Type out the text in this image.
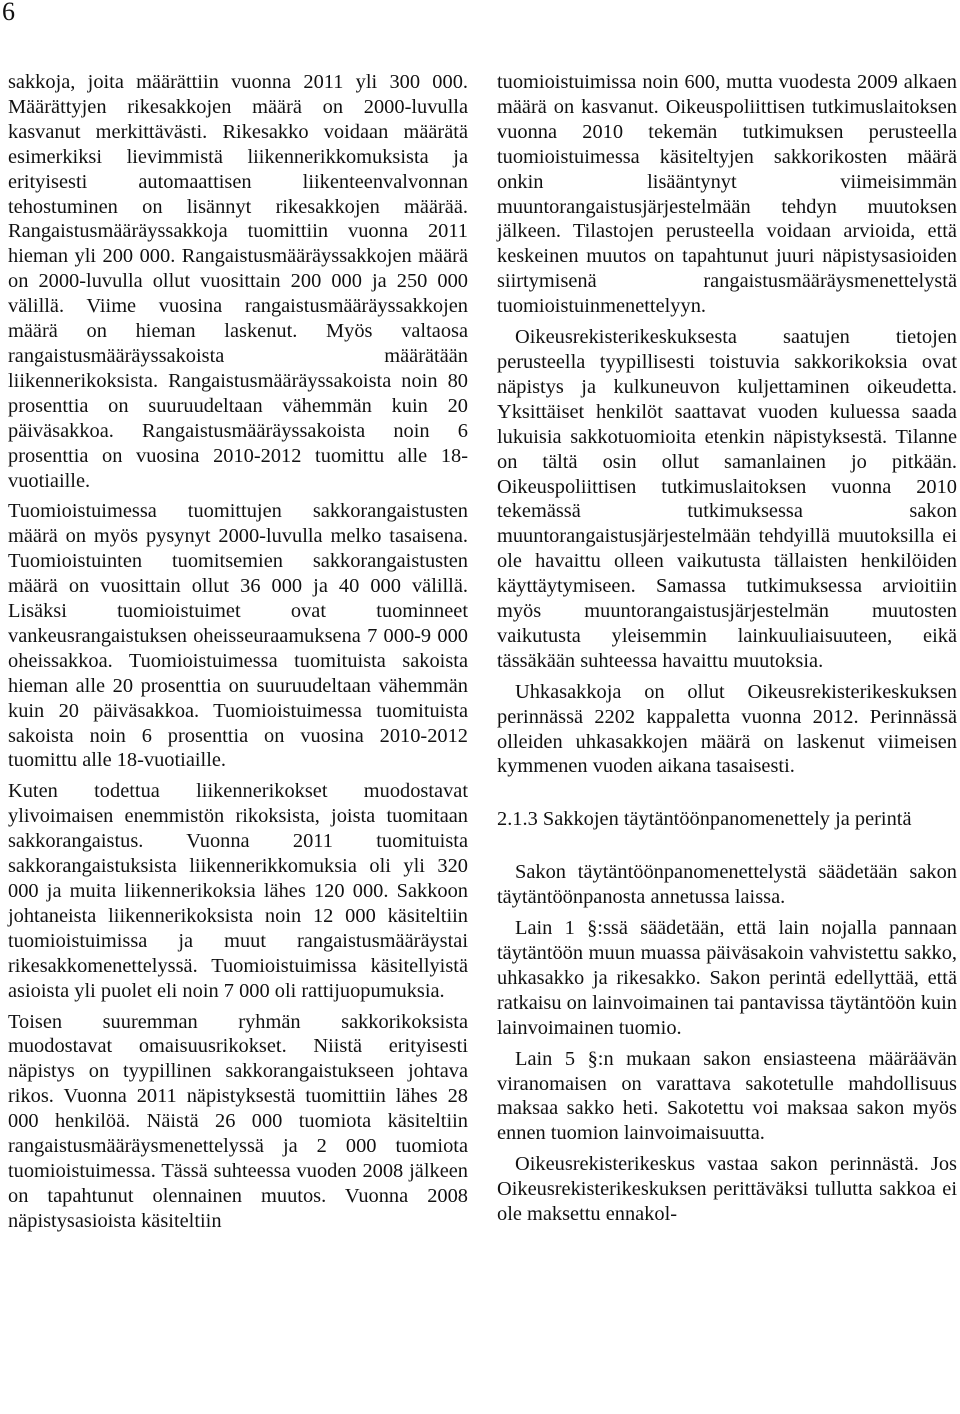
6

sakkoja, joita määrättiin vuonna 2011 yli 300 000. Määrättyjen rikesakkojen määrä on 2000-luvulla kasvanut merkittävästi. Rikesakko voidaan määrätä esimerkiksi lievimmistä liikennerikkomuksista ja erityisesti automaattisen liikenteenvalvonnan tehostuminen on lisännyt rikesakkojen määrää. Rangaistusmääräyssakkoja tuomittiin vuonna 2011 hieman yli 200 000. Rangaistusmääräyssakkojen määrä on 2000-luvulla ollut vuosittain 200 000 ja 250 000 välillä. Viime vuosina rangaistusmääräyssakkojen määrä on hieman laskenut. Myös valtaosa rangaistusmääräyssakoista määrätään liikennerikoksista. Rangaistusmääräyssakoista noin 80 prosenttia on suuruudeltaan vähemmän kuin 20 päiväsakkoa. Rangaistusmääräyssakoista noin 6 prosenttia on vuosina 2010-2012 tuomittu alle 18-vuotiaille.

Tuomioistuimessa tuomittujen sakkorangaistusten määrä on myös pysynyt 2000-luvulla melko tasaisena. Tuomioistuinten tuomitsemien sakkorangaistusten määrä on vuosittain ollut 36 000 ja 40 000 välillä. Lisäksi tuomioistuimet ovat tuominneet vankeusrangaistuksen oheisseuraamuksena 7 000-9 000 oheissakkoa. Tuomioistuimessa tuomituista sakoista hieman alle 20 prosenttia on suuruudeltaan vähemmän kuin 20 päiväsakkoa. Tuomioistuimessa tuomituista sakoista noin 6 prosenttia on vuosina 2010-2012 tuomittu alle 18-vuotiaille.

Kuten todettua liikennerikokset muodostavat ylivoimaisen enemmistön rikoksista, joista tuomitaan sakkorangaistus. Vuonna 2011 tuomituista sakkorangaistuksista liikennerikkomuksia oli yli 320 000 ja muita liikennerikoksia lähes 120 000. Sakkoon johtaneista liikennerikoksista noin 12 000 käsiteltiin tuomioistuimissa ja muut rangaistusmääräystai rikesakkomenettelyssä. Tuomioistuimissa käsitellyistä asioista yli puolet eli noin 7 000 oli rattijuopumuksia.

Toisen suuremman ryhmän sakkorikoksista muodostavat omaisuusrikokset. Niistä erityisesti näpistys on tyypillinen sakkorangaistukseen johtava rikos. Vuonna 2011 näpistyksestä tuomittiin lähes 28 000 henkilöä. Näistä 26 000 tuomiota käsiteltiin rangaistusmääräysmenettelyssä ja 2 000 tuomiota tuomioistuimessa. Tässä suhteessa vuoden 2008 jälkeen on tapahtunut olennainen muutos. Vuonna 2008 näpistysasioista käsiteltiin

tuomioistuimissa noin 600, mutta vuodesta 2009 alkaen määrä on kasvanut. Oikeuspoliittisen tutkimuslaitoksen vuonna 2010 tekemän tutkimuksen perusteella tuomioistuimessa käsiteltyjen sakkorikosten määrä onkin lisääntynyt viimeisimmän muuntorangaistusjärjestelmään tehdyn muutoksen jälkeen. Tilastojen perusteella voidaan arvioida, että keskeinen muutos on tapahtunut juuri näpistysasioiden siirtymisenä rangaistusmääräysmenettelystä tuomioistuinmenettelyyn.

Oikeusrekisterikeskuksesta saatujen tietojen perusteella tyypillisesti toistuvia sakkorikoksia ovat näpistys ja kulkuneuvon kuljettaminen oikeudetta. Yksittäiset henkilöt saattavat vuoden kuluessa saada lukuisia sakkotuomioita etenkin näpistyksestä. Tilanne on tältä osin ollut samanlainen jo pitkään. Oikeuspoliittisen tutkimuslaitoksen vuonna 2010 tekemässä tutkimuksessa sakon muuntorangaistusjärjestelmään tehdyillä muutoksilla ei ole havaittu olleen vaikutusta tällaisten henkilöiden käyttäytymiseen. Samassa tutkimuksessa arvioitiin myös muuntorangaistusjärjestelmän muutosten vaikutusta yleisemmin lainkuuliaisuuteen, eikä tässäkään suhteessa havaittu muutoksia.

Uhkasakkoja on ollut Oikeusrekisterikeskuksen perinnässä 2202 kappaletta vuonna 2012. Perinnässä olleiden uhkasakkojen määrä on laskenut viimeisen kymmenen vuoden aikana tasaisesti.

2.1.3 Sakkojen täytäntöönpanomenettely ja perintä

Sakon täytäntöönpanomenettelystä säädetään sakon täytäntöönpanosta annetussa laissa.

Lain 1 §:ssä säädetään, että lain nojalla pannaan täytäntöön muun muassa päiväsakoin vahvistettu sakko, uhkasakko ja rikesakko. Sakon perintä edellyttää, että ratkaisu on lainvoimainen tai pantavissa täytäntöön kuin lainvoimainen tuomio.

Lain 5 §:n mukaan sakon ensiasteena määräävän viranomaisen on varattava sakotetulle mahdollisuus maksaa sakko heti. Sakotettu voi maksaa sakon myös ennen tuomion lainvoimaisuutta.

Oikeusrekisterikeskus vastaa sakon perinnästä. Jos Oikeusrekisterikeskuksen perittäväksi tullutta sakkoa ei ole maksettu ennakol-
